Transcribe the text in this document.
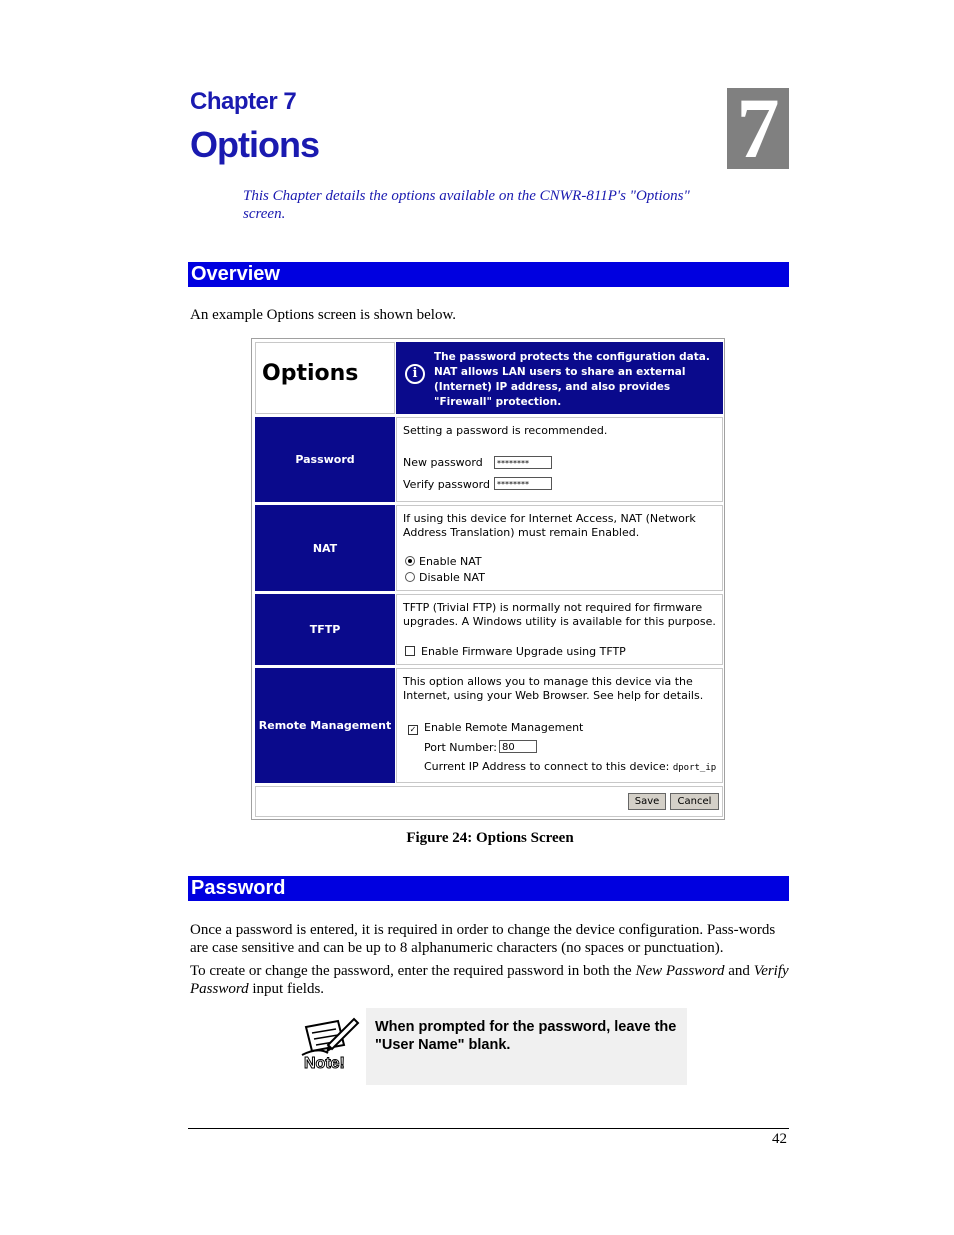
Chapter 7
Options	7
This Chapter details the options available on the CNWR-811P's "Options" screen.
Overview
An example Options screen is shown below.
Options	i
The password protects the configuration data. NAT allows LAN users to share an external (Internet) IP address, and also provides "Firewall" protection.
Password
Setting a password is recommended.
New password	********
Verify password ********
NAT
If using this device for Internet Access, NAT (Network Address Translation) must remain Enabled.
Enable NAT
Disable NAT
TFTP
TFTP (Trivial FTP) is normally not required for firmware upgrades. A Windows utility is available for this purpose.
Enable Firmware Upgrade using TFTP
Remote Management
This option allows you to manage this device via the Internet, using your Web Browser. See help for details.
✓ Enable Remote Management
Port Number: 80
Current IP Address to connect to this device: dport_ip
Save	Cancel
Figure 24: Options Screen
Password
Once a password is entered, it is required in order to change the device configuration. Pass-words are case sensitive and can be up to 8 alphanumeric characters (no spaces or punctuation).
To create or change the password, enter the required password in both the New Password and Verify Password input fields.
Note!
When prompted for the password, leave the "User Name" blank.
42
